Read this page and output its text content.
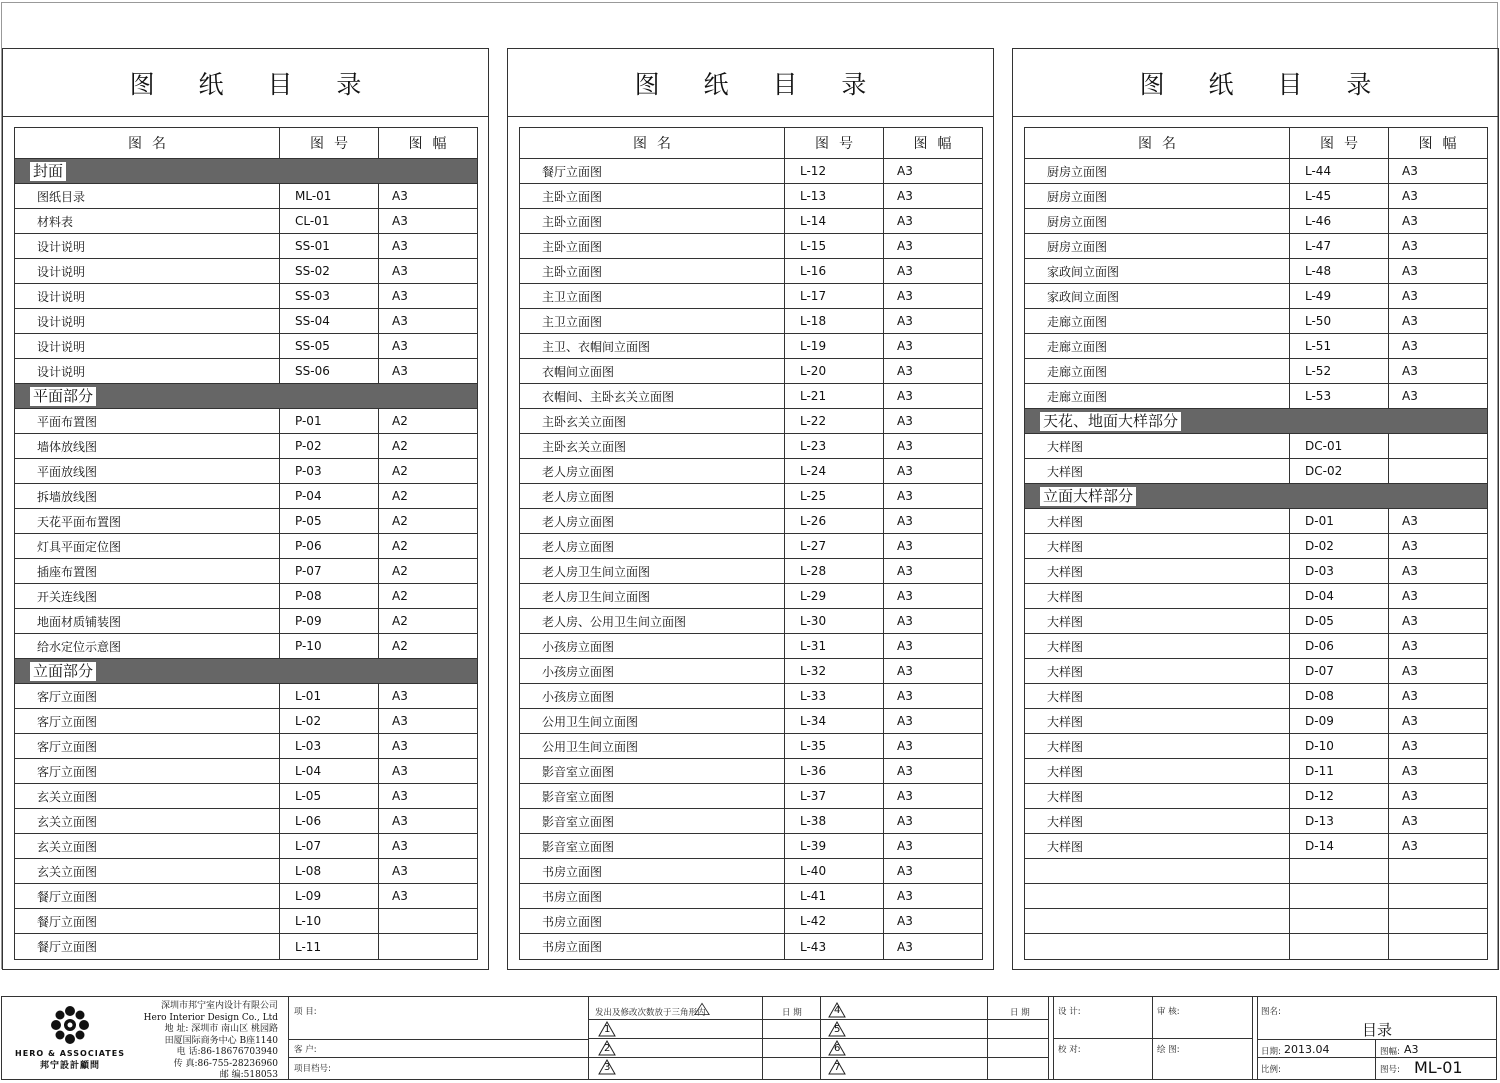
图 纸 目 录
图名	图号	图幅
封面
图纸目录	ML-01	A3
材料表	CL-01	A3
设计说明	SS-01	A3
设计说明	SS-02	A3
设计说明	SS-03	A3
设计说明	SS-04	A3
设计说明	SS-05	A3
设计说明	SS-06	A3
平面部分
平面布置图	P-01	A2
墙体放线图	P-02	A2
平面放线图	P-03	A2
拆墙放线图	P-04	A2
天花平面布置图	P-05	A2
灯具平面定位图	P-06	A2
插座布置图	P-07	A2
开关连线图	P-08	A2
地面材质铺装图	P-09	A2
给水定位示意图	P-10	A2
立面部分
客厅立面图	L-01	A3
客厅立面图	L-02	A3
客厅立面图	L-03	A3
客厅立面图	L-04	A3
玄关立面图	L-05	A3
玄关立面图	L-06	A3
玄关立面图	L-07	A3
玄关立面图	L-08	A3
餐厅立面图	L-09	A3
餐厅立面图	L-10
餐厅立面图	L-11
图 纸 目 录
图名	图号	图幅
餐厅立面图	L-12	A3
主卧立面图	L-13	A3
主卧立面图	L-14	A3
主卧立面图	L-15	A3
主卧立面图	L-16	A3
主卫立面图	L-17	A3
主卫立面图	L-18	A3
主卫、衣帽间立面图	L-19	A3
衣帽间立面图	L-20	A3
衣帽间、主卧玄关立面图	L-21	A3
主卧玄关立面图	L-22	A3
主卧玄关立面图	L-23	A3
老人房立面图	L-24	A3
老人房立面图	L-25	A3
老人房立面图	L-26	A3
老人房立面图	L-27	A3
老人房卫生间立面图	L-28	A3
老人房卫生间立面图	L-29	A3
老人房、公用卫生间立面图	L-30	A3
小孩房立面图	L-31	A3
小孩房立面图	L-32	A3
小孩房立面图	L-33	A3
公用卫生间立面图	L-34	A3
公用卫生间立面图	L-35	A3
影音室立面图	L-36	A3
影音室立面图	L-37	A3
影音室立面图	L-38	A3
影音室立面图	L-39	A3
书房立面图	L-40	A3
书房立面图	L-41	A3
书房立面图	L-42	A3
书房立面图	L-43	A3
图 纸 目 录
图名	图号	图幅
厨房立面图	L-44	A3
厨房立面图	L-45	A3
厨房立面图	L-46	A3
厨房立面图	L-47	A3
家政间立面图	L-48	A3
家政间立面图	L-49	A3
走廊立面图	L-50	A3
走廊立面图	L-51	A3
走廊立面图	L-52	A3
走廊立面图	L-53	A3
天花、地面大样部分
大样图	DC-01
大样图	DC-02
立面大样部分
大样图	D-01	A3
大样图	D-02	A3
大样图	D-03	A3
大样图	D-04	A3
大样图	D-05	A3
大样图	D-06	A3
大样图	D-07	A3
大样图	D-08	A3
大样图	D-09	A3
大样图	D-10	A3
大样图	D-11	A3
大样图	D-12	A3
大样图	D-13	A3
大样图	D-14	A3
HERO & ASSOCIATES
邦宁設計顧問
深圳市邦宁室内设计有限公司
Hero Interior Design Co., Ltd
地 址: 深圳市 南山区 桃园路
田厦国际商务中心 B座1140
电 话:86-18676703940
传 真:86-755-28236960
邮 编:518053
项 目:
客 户:
项目档号:
发出及修改次数放于三角形内	日 期	日 期	设 计:	审 核:
校 对:	绘 图:
图名:
目录
日期: 2013.04	图幅: A3
比例:	图号: ML-01
1
2
3
4
5
6
7
